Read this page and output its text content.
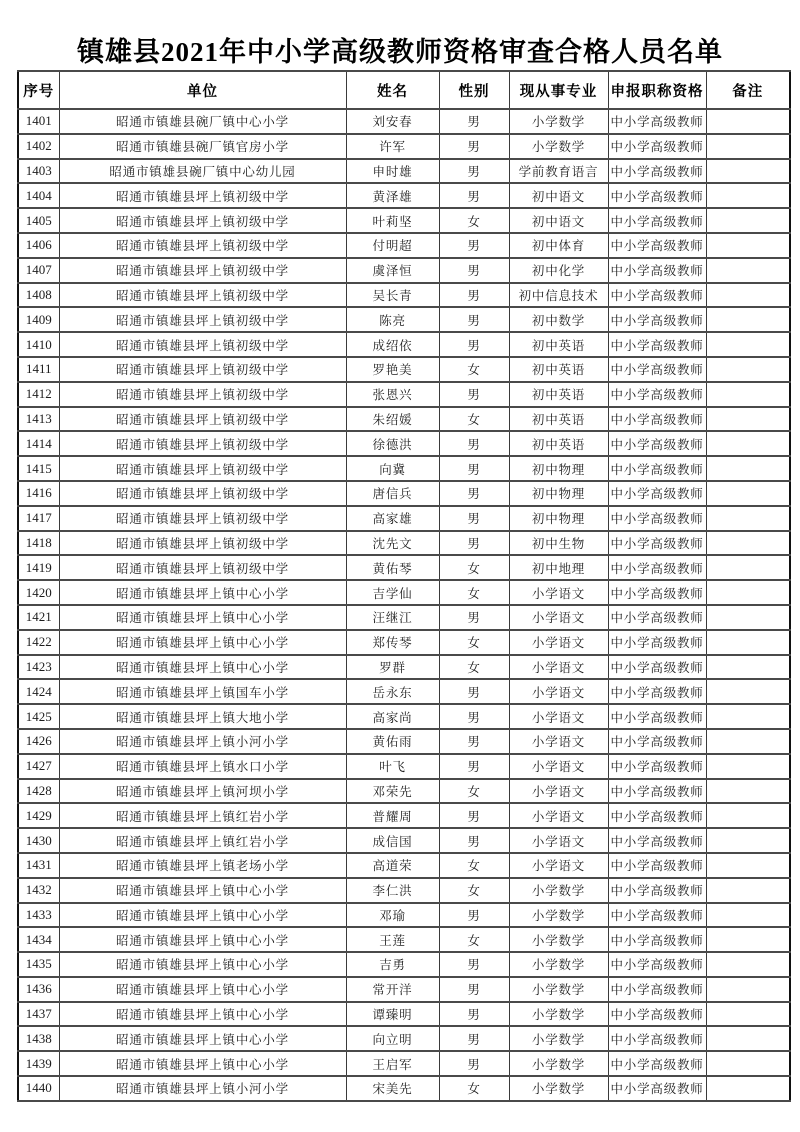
镇雄县2021年中小学高级教师资格审查合格人员名单
序号	单位	姓名	性别	现从事专业	申报职称资格	备注
1401	昭通市镇雄县碗厂镇中心小学	刘安春	男	小学数学	中小学高级教师	
1402	昭通市镇雄县碗厂镇官房小学	许军	男	小学数学	中小学高级教师	
1403	昭通市镇雄县碗厂镇中心幼儿园	申时雄	男	学前教育语言	中小学高级教师	
1404	昭通市镇雄县坪上镇初级中学	黄泽雄	男	初中语文	中小学高级教师	
1405	昭通市镇雄县坪上镇初级中学	叶莉坚	女	初中语文	中小学高级教师	
1406	昭通市镇雄县坪上镇初级中学	付明超	男	初中体育	中小学高级教师	
1407	昭通市镇雄县坪上镇初级中学	虞泽恒	男	初中化学	中小学高级教师	
1408	昭通市镇雄县坪上镇初级中学	吴长青	男	初中信息技术	中小学高级教师	
1409	昭通市镇雄县坪上镇初级中学	陈亮	男	初中数学	中小学高级教师	
1410	昭通市镇雄县坪上镇初级中学	成绍依	男	初中英语	中小学高级教师	
1411	昭通市镇雄县坪上镇初级中学	罗艳美	女	初中英语	中小学高级教师	
1412	昭通市镇雄县坪上镇初级中学	张恩兴	男	初中英语	中小学高级教师	
1413	昭通市镇雄县坪上镇初级中学	朱绍媛	女	初中英语	中小学高级教师	
1414	昭通市镇雄县坪上镇初级中学	徐德洪	男	初中英语	中小学高级教师	
1415	昭通市镇雄县坪上镇初级中学	向冀	男	初中物理	中小学高级教师	
1416	昭通市镇雄县坪上镇初级中学	唐信兵	男	初中物理	中小学高级教师	
1417	昭通市镇雄县坪上镇初级中学	高家雄	男	初中物理	中小学高级教师	
1418	昭通市镇雄县坪上镇初级中学	沈先文	男	初中生物	中小学高级教师	
1419	昭通市镇雄县坪上镇初级中学	黄佑琴	女	初中地理	中小学高级教师	
1420	昭通市镇雄县坪上镇中心小学	吉学仙	女	小学语文	中小学高级教师	
1421	昭通市镇雄县坪上镇中心小学	汪继江	男	小学语文	中小学高级教师	
1422	昭通市镇雄县坪上镇中心小学	郑传琴	女	小学语文	中小学高级教师	
1423	昭通市镇雄县坪上镇中心小学	罗群	女	小学语文	中小学高级教师	
1424	昭通市镇雄县坪上镇国车小学	岳永东	男	小学语文	中小学高级教师	
1425	昭通市镇雄县坪上镇大地小学	高家尚	男	小学语文	中小学高级教师	
1426	昭通市镇雄县坪上镇小河小学	黄佑雨	男	小学语文	中小学高级教师	
1427	昭通市镇雄县坪上镇水口小学	叶飞	男	小学语文	中小学高级教师	
1428	昭通市镇雄县坪上镇河坝小学	邓荣先	女	小学语文	中小学高级教师	
1429	昭通市镇雄县坪上镇红岩小学	普耀周	男	小学语文	中小学高级教师	
1430	昭通市镇雄县坪上镇红岩小学	成信国	男	小学语文	中小学高级教师	
1431	昭通市镇雄县坪上镇老场小学	高道荣	女	小学语文	中小学高级教师	
1432	昭通市镇雄县坪上镇中心小学	李仁洪	女	小学数学	中小学高级教师	
1433	昭通市镇雄县坪上镇中心小学	邓瑜	男	小学数学	中小学高级教师	
1434	昭通市镇雄县坪上镇中心小学	王莲	女	小学数学	中小学高级教师	
1435	昭通市镇雄县坪上镇中心小学	吉勇	男	小学数学	中小学高级教师	
1436	昭通市镇雄县坪上镇中心小学	常开洋	男	小学数学	中小学高级教师	
1437	昭通市镇雄县坪上镇中心小学	谭臻明	男	小学数学	中小学高级教师	
1438	昭通市镇雄县坪上镇中心小学	向立明	男	小学数学	中小学高级教师	
1439	昭通市镇雄县坪上镇中心小学	王启军	男	小学数学	中小学高级教师	
1440	昭通市镇雄县坪上镇小河小学	宋美先	女	小学数学	中小学高级教师	
